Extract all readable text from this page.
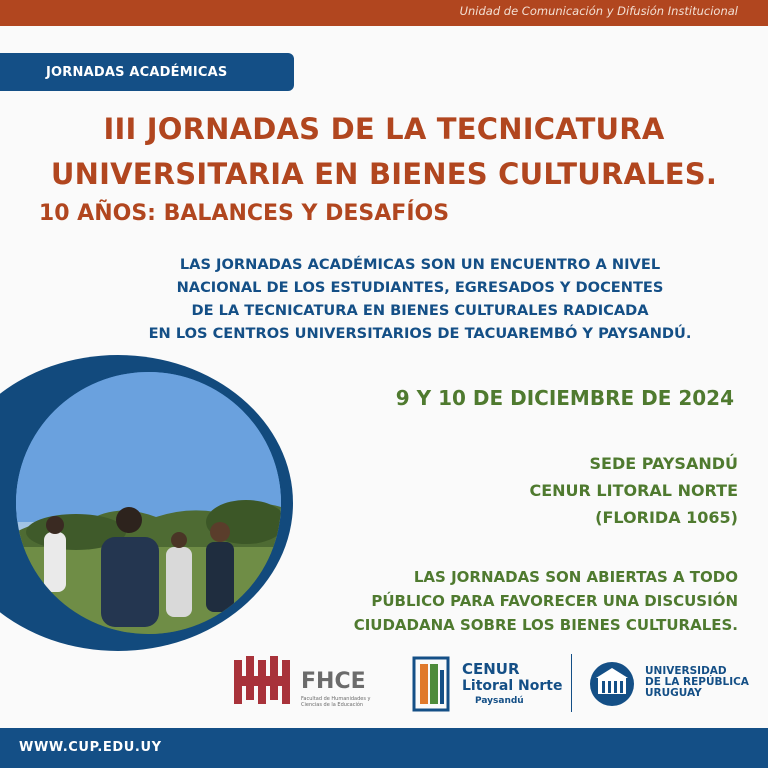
Unidad de Comunicación y Difusión Institucional
JORNADAS ACADÉMICAS
III JORNADAS DE LA TECNICATURA
UNIVERSITARIA EN BIENES CULTURALES.
10 AÑOS: BALANCES Y DESAFÍOS
LAS JORNADAS ACADÉMICAS SON UN ENCUENTRO A NIVEL
NACIONAL DE LOS ESTUDIANTES, EGRESADOS Y DOCENTES
DE LA TECNICATURA EN BIENES CULTURALES RADICADA
EN LOS CENTROS UNIVERSITARIOS DE TACUAREMBÓ Y PAYSANDÚ.
9 Y 10 DE DICIEMBRE DE 2024
SEDE PAYSANDÚ
CENUR LITORAL NORTE
(FLORIDA 1065)
LAS JORNADAS SON ABIERTAS A TODO
PÚBLICO PARA FAVORECER UNA DISCUSIÓN
CIUDADANA SOBRE LOS BIENES CULTURALES.
FHCE
Facultad de Humanidades y Ciencias de la Educación
CENUR
Litoral Norte
Paysandú
UNIVERSIDAD
DE LA REPÚBLICA
URUGUAY
WWW.CUP.EDU.UY
